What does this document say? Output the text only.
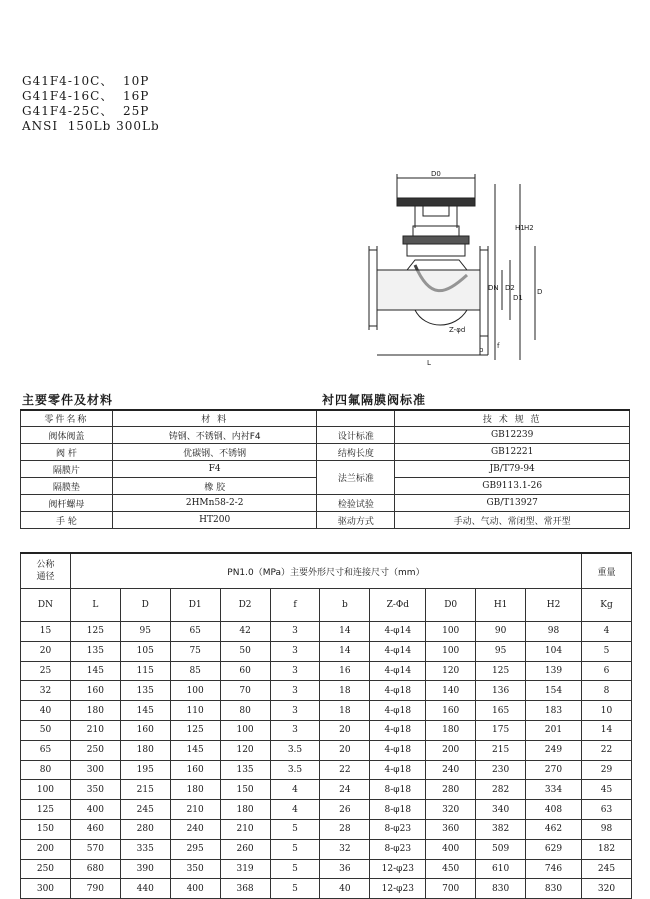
G41F4-10C、  10P
G41F4-16C、  16P
G41F4-25C、  25P
ANSI  150Lb 300Lb
D0
H1 H2
DN D2
D1
D
Z-φd
b f
L
主要零件及材料	衬四氟隔膜阀标准
零件名称	材 料		技 术 规 范
阀体阀盖	铸钢、不锈钢、内衬F4	设计标准	GB12239
阀 杆	优碳钢、不锈钢	结构长度	GB12221
隔膜片	F4	法兰标准	JB/T79-94
隔膜垫	橡 胶		GB9113.1-26
阀杆螺母	2HMn58-2-2	检验试验	GB/T13927
手 轮	HT200	驱动方式	手动、气动、常闭型、常开型
公称
通径	PN1.0（MPa）主要外形尺寸和连接尺寸（mm）										重量
DN	L	D	D1	D2	f	b	Z-Φd	D0	H1	H2	Kg
15	125	95	65	42	3	14	4-φ14	100	90	98	4
20	135	105	75	50	3	14	4-φ14	100	95	104	5
25	145	115	85	60	3	16	4-φ14	120	125	139	6
32	160	135	100	70	3	18	4-φ18	140	136	154	8
40	180	145	110	80	3	18	4-φ18	160	165	183	10
50	210	160	125	100	3	20	4-φ18	180	175	201	14
65	250	180	145	120	3.5	20	4-φ18	200	215	249	22
80	300	195	160	135	3.5	22	4-φ18	240	230	270	29
100	350	215	180	150	4	24	8-φ18	280	282	334	45
125	400	245	210	180	4	26	8-φ18	320	340	408	63
150	460	280	240	210	5	28	8-φ23	360	382	462	98
200	570	335	295	260	5	32	8-φ23	400	509	629	182
250	680	390	350	319	5	36	12-φ23	450	610	746	245
300	790	440	400	368	5	40	12-φ23	700	830	830	320
